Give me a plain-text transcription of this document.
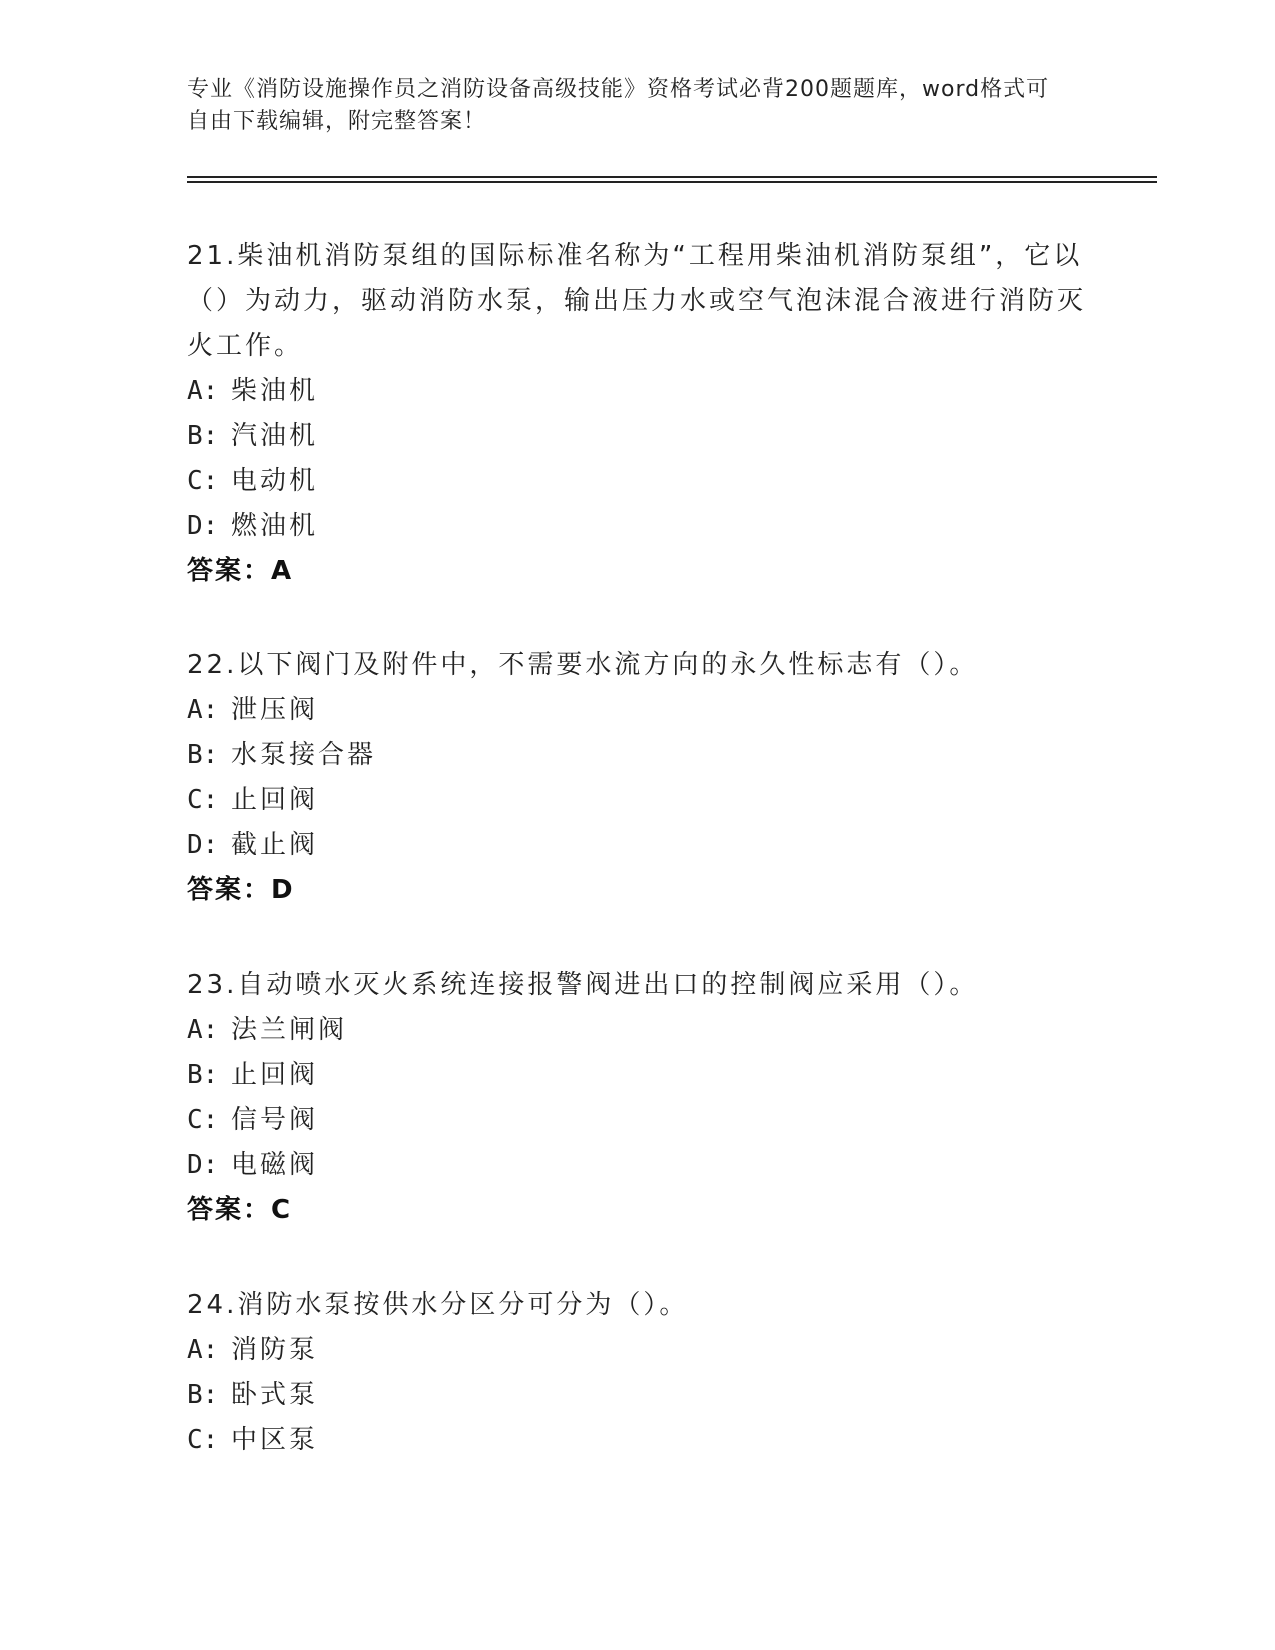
专业《消防设施操作员之消防设备高级技能》资格考试必背200题题库，word格式可自由下载编辑，附完整答案！
21.柴油机消防泵组的国际标准名称为“工程用柴油机消防泵组”，它以（）为动力，驱动消防水泵，输出压力水或空气泡沫混合液进行消防灭火工作。
A: 柴油机
B: 汽油机
C: 电动机
D: 燃油机
答案：A
22.以下阀门及附件中，不需要水流方向的永久性标志有（）。
A: 泄压阀
B: 水泵接合器
C: 止回阀
D: 截止阀
答案：D
23.自动喷水灭火系统连接报警阀进出口的控制阀应采用（）。
A: 法兰闸阀
B: 止回阀
C: 信号阀
D: 电磁阀
答案：C
24.消防水泵按供水分区分可分为（）。
A: 消防泵
B: 卧式泵
C: 中区泵
